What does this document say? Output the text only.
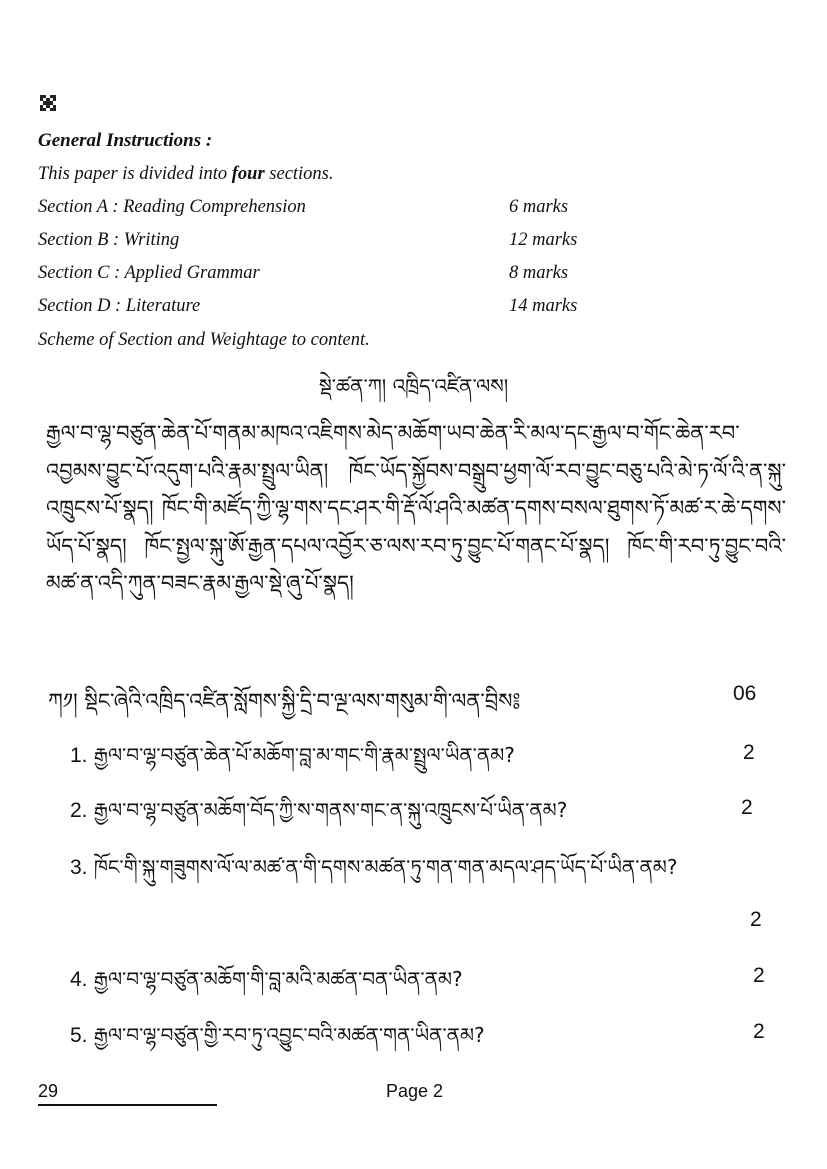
General Instructions :
This paper is divided into four sections.
Section A : Reading Comprehension	6 marks
Section B : Writing	12 marks
Section C : Applied Grammar	8 marks
Section D : Literature	14 marks
Scheme of Section and Weightage to content.
སྡེ་ཚན་ཀ། འཁྲིད་འཛིན་ལས།
རྒྱལ་བ་ལྷ་བཙུན་ཆེན་པོ་གནམ་མཁའ་འཇིགས་མེད་མཆོག་ཡབ་ཆེན་རི་མལ་དང་རྒྱལ་བ་གོང་ཆེན་རབ་འབྱམས་བྱུང་པོ་འདུག་པའི་རྣམ་སྤྲུལ་ཡིན། ཁོང་ཡོད་སྐྱོབས་བསྒྲུབ་ཕྱག་ལོ་རབ་བྱུང་བཅུ་པའི་མེ་ཏ་ལོ་འི་ན་སྐུ་འཁྲུངས་པོ་སྣད། ཁོང་གི་མཛོད་ཀྱི་ལྷ་གས་དང་ཤར་གི་རྡོ་ལོ་ཤའི་མཚན་དགས་བསལ་ཐུགས་ཏོ་མཚ་ར་ཆེ་དགས་ཡོད་པོ་སྣད། ཁོང་སྤྱལ་སྐུ་ཨོ་རྒྱན་དཔལ་འབྱོར་ཅ་ལས་རབ་ཏུ་བྱུང་པོ་གནང་པོ་སྣད། ཁོང་གི་རབ་ཏུ་བྱུང་བའི་མཚ་ན་འདི་ཀུན་བཟང་རྣམ་རྒྱལ་སྡེ་ཞུ་པོ་སྣད།
ཀ༡། སྡིང་ཞེའི་འཁྲིད་འཛིན་སློགས་སྐྱི་དྲི་བ་ལྔ་ལས་གསུམ་གི་ལན་བྲིས༔	06
1. རྒྱལ་བ་ལྷ་བཙུན་ཆེན་པོ་མཆོག་བླ་མ་གང་གི་རྣམ་སྤྲུལ་ཡིན་ནམ?	2
2. རྒྱལ་བ་ལྷ་བཙུན་མཆོག་བོད་ཀྱི་ས་གནས་གང་ན་སྐུ་འཁྲུངས་པོ་ཡིན་ནམ?	2
3. ཁོང་གི་སྐུ་གཟུགས་ལོ་ལ་མཚ་ན་གི་དགས་མཚན་ཏུ་གན་གན་མདལ་ཤད་ཡོད་པོ་ཡིན་ནམ?
2
4. རྒྱལ་བ་ལྷ་བཙུན་མཆོག་གི་བླ་མའི་མཚན་བན་ཡིན་ནམ?	2
5. རྒྱལ་བ་ལྷ་བཙུན་གྱི་རབ་ཏུ་འབྱུང་བའི་མཚན་གན་ཡིན་ནམ?	2
29	Page 2
